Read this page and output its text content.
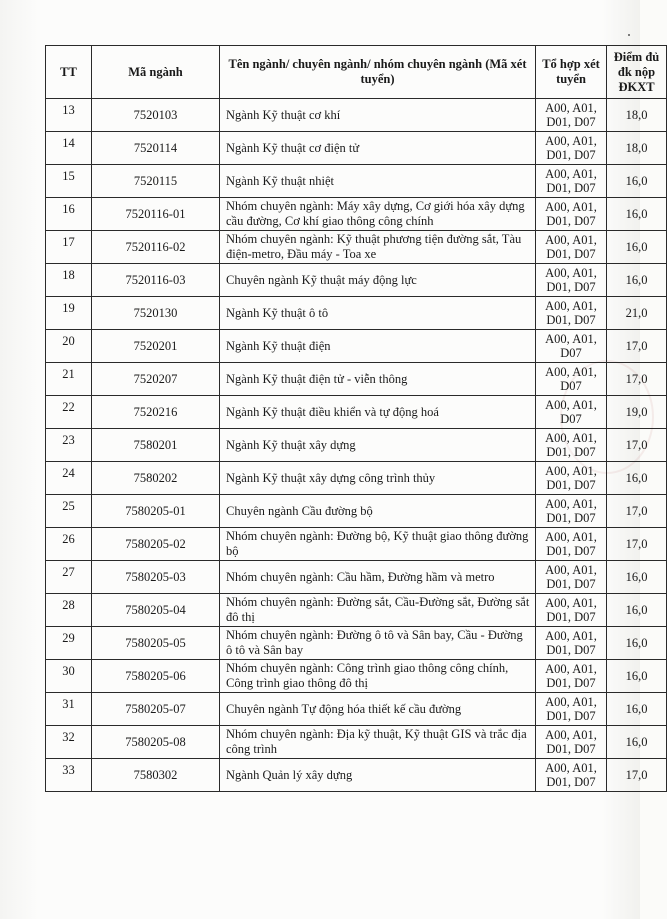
TT	Mã ngành	Tên ngành/ chuyên ngành/ nhóm chuyên ngành (Mã xét tuyển)	Tổ hợp xét tuyển	Điểm đủ đk nộp ĐKXT
13	7520103	Ngành Kỹ thuật cơ khí	A00, A01, D01, D07	18,0
14	7520114	Ngành Kỹ thuật cơ điện tử	A00, A01, D01, D07	18,0
15	7520115	Ngành Kỹ thuật nhiệt	A00, A01, D01, D07	16,0
16	7520116-01	Nhóm chuyên ngành: Máy xây dựng, Cơ giới hóa xây dựng cầu đường, Cơ khí giao thông công chính	A00, A01, D01, D07	16,0
17	7520116-02	Nhóm chuyên ngành: Kỹ thuật phương tiện đường sắt, Tàu điện-metro, Đầu máy - Toa xe	A00, A01, D01, D07	16,0
18	7520116-03	Chuyên ngành Kỹ thuật máy động lực	A00, A01, D01, D07	16,0
19	7520130	Ngành Kỹ thuật ô tô	A00, A01, D01, D07	21,0
20	7520201	Ngành Kỹ thuật điện	A00, A01, D07	17,0
21	7520207	Ngành Kỹ thuật điện tử - viễn thông	A00, A01, D07	17,0
22	7520216	Ngành Kỹ thuật điều khiển và tự động hoá	A00, A01, D07	19,0
23	7580201	Ngành Kỹ thuật xây dựng	A00, A01, D01, D07	17,0
24	7580202	Ngành Kỹ thuật xây dựng công trình thủy	A00, A01, D01, D07	16,0
25	7580205-01	Chuyên ngành Cầu đường bộ	A00, A01, D01, D07	17,0
26	7580205-02	Nhóm chuyên ngành: Đường bộ, Kỹ thuật giao thông đường bộ	A00, A01, D01, D07	17,0
27	7580205-03	Nhóm chuyên ngành: Cầu hầm, Đường hầm và metro	A00, A01, D01, D07	16,0
28	7580205-04	Nhóm chuyên ngành: Đường sắt, Cầu-Đường sắt, Đường sắt đô thị	A00, A01, D01, D07	16,0
29	7580205-05	Nhóm chuyên ngành: Đường ô tô và Sân bay, Cầu - Đường ô tô và Sân bay	A00, A01, D01, D07	16,0
30	7580205-06	Nhóm chuyên ngành: Công trình giao thông công chính, Công trình giao thông đô thị	A00, A01, D01, D07	16,0
31	7580205-07	Chuyên ngành Tự động hóa thiết kế cầu đường	A00, A01, D01, D07	16,0
32	7580205-08	Nhóm chuyên ngành: Địa kỹ thuật, Kỹ thuật GIS và trắc địa công trình	A00, A01, D01, D07	16,0
33	7580302	Ngành Quản lý xây dựng	A00, A01, D01, D07	17,0
